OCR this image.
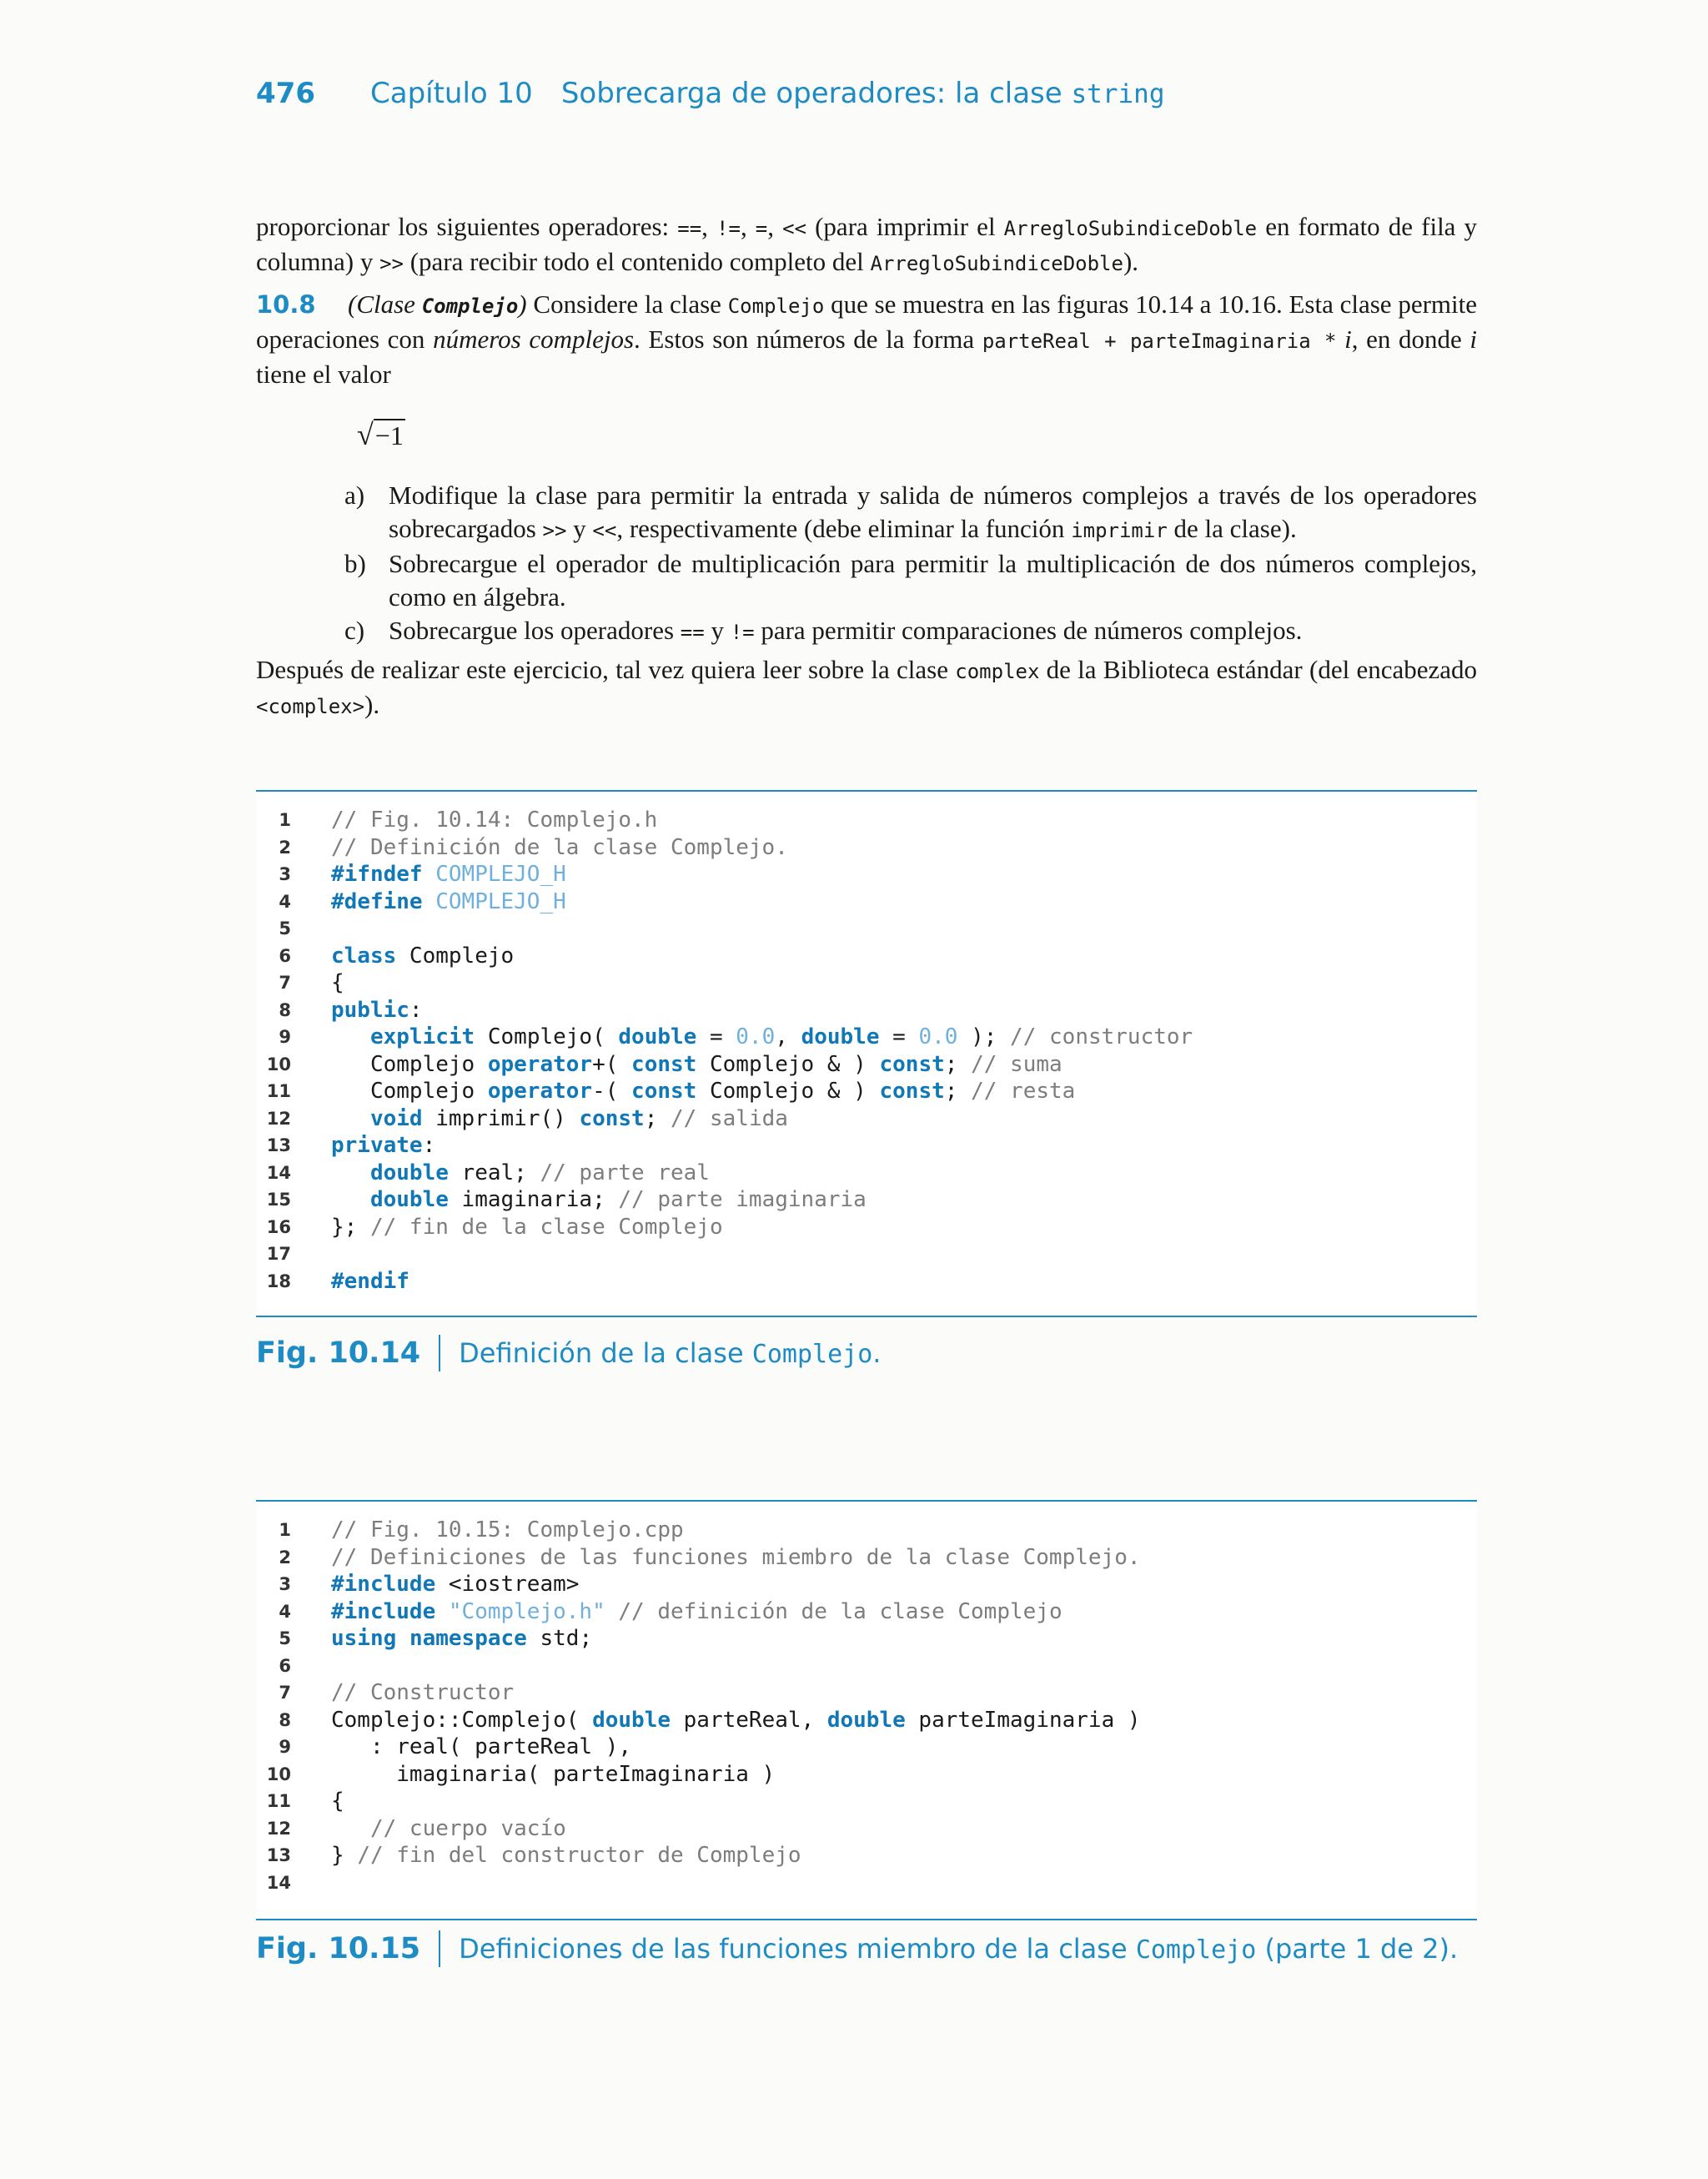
476	Capítulo 10 Sobrecarga de operadores: la clase string
proporcionar los siguientes operadores: ==, !=, =, << (para imprimir el ArregloSubindiceDoble en formato de fila y columna) y >> (para recibir todo el contenido completo del ArregloSubindiceDoble).
10.8 (Clase Complejo) Considere la clase Complejo que se muestra en las figuras 10.14 a 10.16. Esta clase permite operaciones con números complejos. Estos son números de la forma parteReal + parteImaginaria * i, en donde i tiene el valor
√−1
a) Modifique la clase para permitir la entrada y salida de números complejos a través de los operadores sobrecargados >> y <<, respectivamente (debe eliminar la función imprimir de la clase).
b) Sobrecargue el operador de multiplicación para permitir la multiplicación de dos números complejos, como en álgebra.
c) Sobrecargue los operadores == y != para permitir comparaciones de números complejos.
Después de realizar este ejercicio, tal vez quiera leer sobre la clase complex de la Biblioteca estándar (del encabezado <complex>).
1 // Fig. 10.14: Complejo.h
2 // Definición de la clase Complejo.
3 #ifndef COMPLEJO_H
4 #define COMPLEJO_H
5
6 class Complejo
7 {
8 public:
9	explicit Complejo( double = 0.0, double = 0.0 ); // constructor
10 Complejo operator+( const Complejo & ) const; // suma
11 Complejo operator-( const Complejo & ) const; // resta
12	void imprimir() const; // salida
13 private:
14	double real; // parte real
15	double imaginaria; // parte imaginaria
16 }; // fin de la clase Complejo
17
18 #endif
Fig. 10.14 Definición de la clase Complejo.
1 // Fig. 10.15: Complejo.cpp
2 // Definiciones de las funciones miembro de la clase Complejo.
3 #include <iostream>
4 #include "Complejo.h" // definición de la clase Complejo
5 using namespace std;
6
7 // Constructor
8 Complejo::Complejo( double parteReal, double parteImaginaria )
9 : real( parteReal ),
10 imaginaria( parteImaginaria )
11 {
12	// cuerpo vacío
13 } // fin del constructor de Complejo
14
Fig. 10.15 Definiciones de las funciones miembro de la clase Complejo (parte 1 de 2).
